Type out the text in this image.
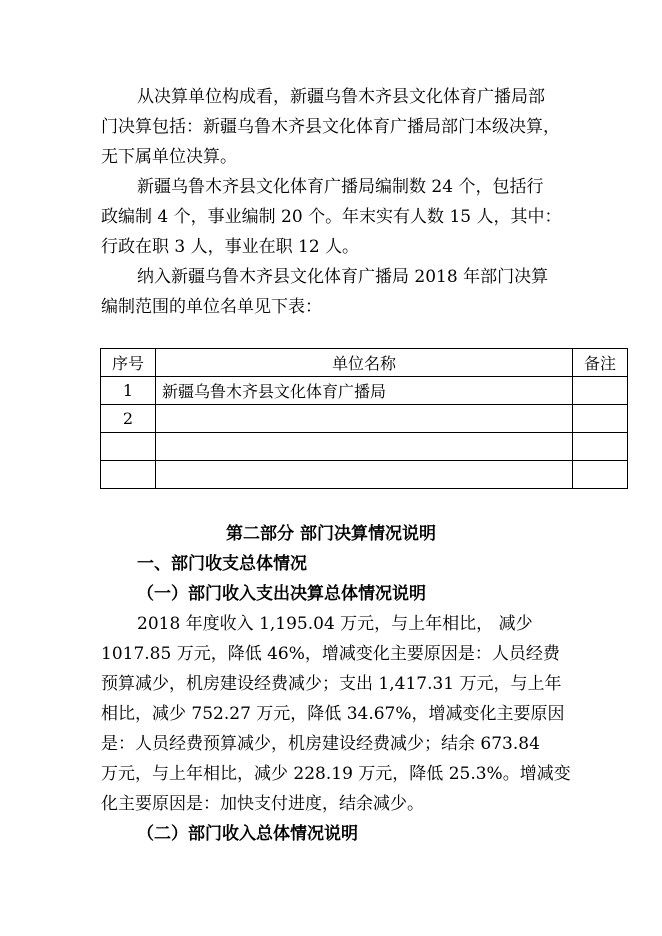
从决算单位构成看，新疆乌鲁木齐县文化体育广播局部
门决算包括：新疆乌鲁木齐县文化体育广播局部门本级决算，
无下属单位决算。
新疆乌鲁木齐县文化体育广播局编制数 24 个，包括行
政编制 4 个，事业编制 20 个。年末实有人数 15 人，其中：
行政在职 3 人，事业在职 12 人。
纳入新疆乌鲁木齐县文化体育广播局 2018 年部门决算
编制范围的单位名单见下表：
序号	单位名称	备注
1	新疆乌鲁木齐县文化体育广播局	
2		

第二部分 部门决算情况说明
一、部门收支总体情况
（一）部门收入支出决算总体情况说明
2018 年度收入 1,195.04 万元，与上年相比， 减少
1017.85 万元，降低 46%，增减变化主要原因是：人员经费
预算减少，机房建设经费减少；支出 1,417.31 万元，与上年
相比，减少 752.27 万元，降低 34.67%，增减变化主要原因
是：人员经费预算减少，机房建设经费减少；结余 673.84
万元，与上年相比，减少 228.19 万元，降低 25.3%。增减变
化主要原因是：加快支付进度，结余减少。
（二）部门收入总体情况说明
